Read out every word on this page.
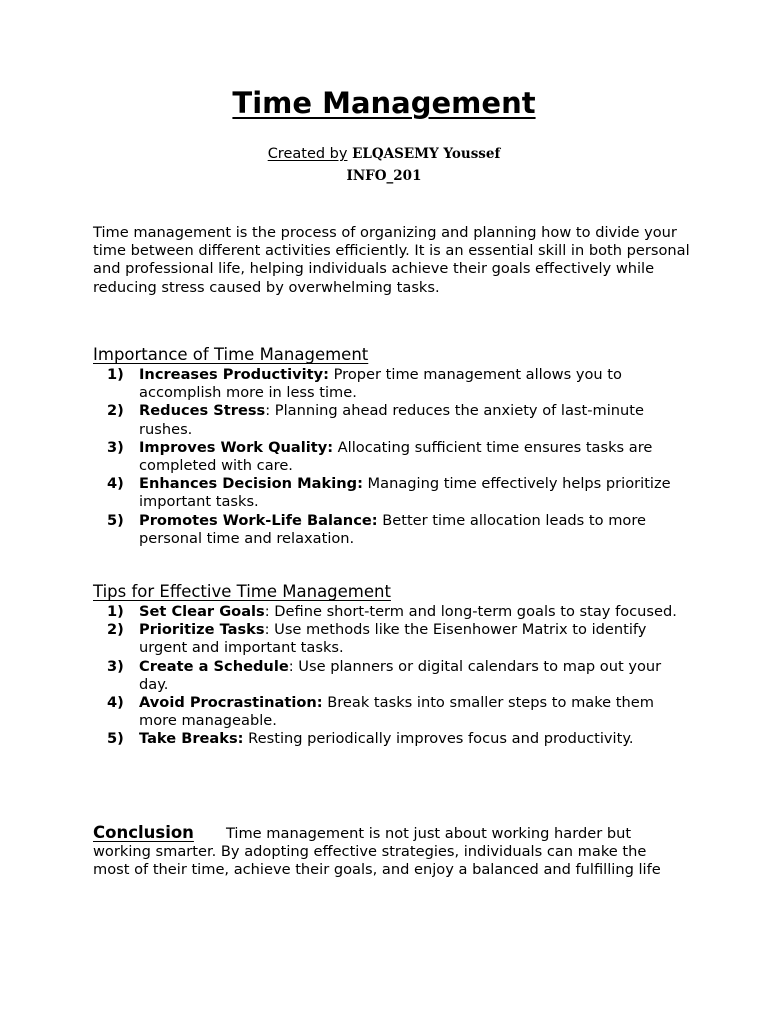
Time Management
Created by ELQASEMY Youssef
INFO_201
Time management is the process of organizing and planning how to divide your time between different activities efficiently. It is an essential skill in both personal and professional life, helping individuals achieve their goals effectively while reducing stress caused by overwhelming tasks.
Importance of Time Management
1) Increases Productivity: Proper time management allows you to accomplish more in less time.
2) Reduces Stress: Planning ahead reduces the anxiety of last-minute rushes.
3) Improves Work Quality: Allocating sufficient time ensures tasks are completed with care.
4) Enhances Decision Making: Managing time effectively helps prioritize important tasks.
5) Promotes Work-Life Balance: Better time allocation leads to more personal time and relaxation.
Tips for Effective Time Management
1) Set Clear Goals: Define short-term and long-term goals to stay focused.
2) Prioritize Tasks: Use methods like the Eisenhower Matrix to identify urgent and important tasks.
3) Create a Schedule: Use planners or digital calendars to map out your day.
4) Avoid Procrastination: Break tasks into smaller steps to make them more manageable.
5) Take Breaks: Resting periodically improves focus and productivity.
Conclusion Time management is not just about working harder but working smarter. By adopting effective strategies, individuals can make the most of their time, achieve their goals, and enjoy a balanced and fulfilling life
